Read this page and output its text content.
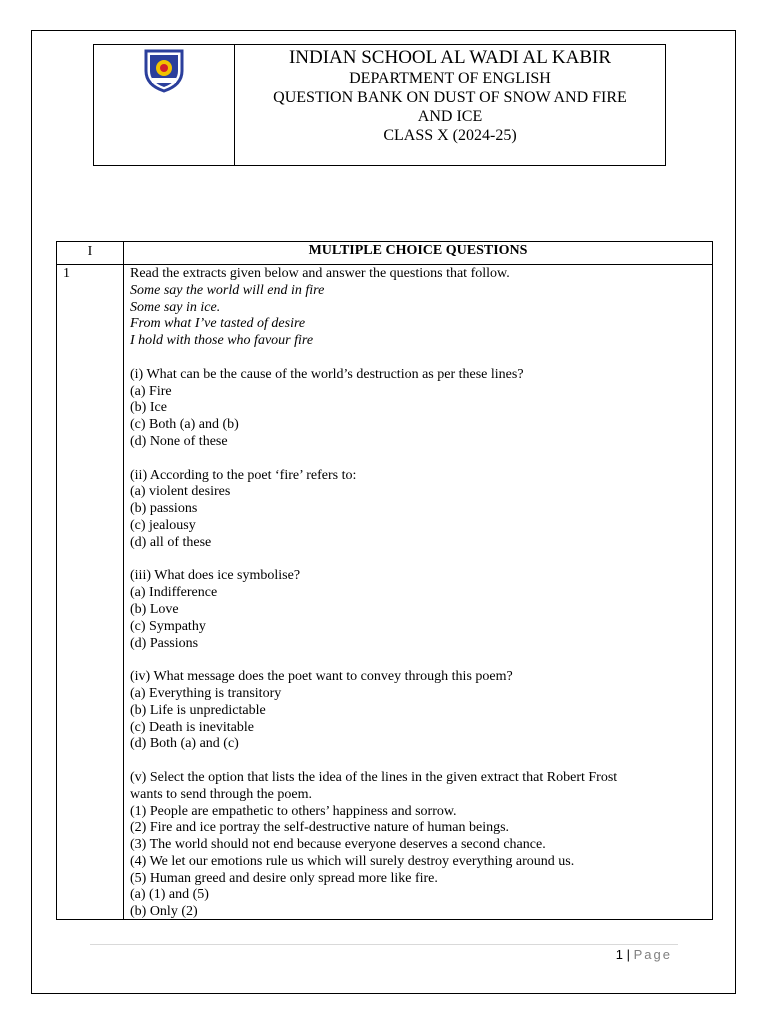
INDIAN SCHOOL AL WADI AL KABIR
DEPARTMENT OF ENGLISH
QUESTION BANK ON DUST OF SNOW AND FIRE
AND ICE
CLASS X (2024-25)
I	MULTIPLE CHOICE QUESTIONS
1	Read the extracts given below and answer the questions that follow.
Some say the world will end in fire
Some say in ice.
From what I’ve tasted of desire
I hold with those who favour fire
(i) What can be the cause of the world’s destruction as per these lines?
(a) Fire
(b) Ice
(c) Both (a) and (b)
(d) None of these
(ii) According to the poet ‘fire’ refers to:
(a) violent desires
(b) passions
(c) jealousy
(d) all of these
(iii) What does ice symbolise?
(a) Indifference
(b) Love
(c) Sympathy
(d) Passions
(iv) What message does the poet want to convey through this poem?
(a) Everything is transitory
(b) Life is unpredictable
(c) Death is inevitable
(d) Both (a) and (c)
(v) Select the option that lists the idea of the lines in the given extract that Robert Frost
wants to send through the poem.
(1) People are empathetic to others’ happiness and sorrow.
(2) Fire and ice portray the self-destructive nature of human beings.
(3) The world should not end because everyone deserves a second chance.
(4) We let our emotions rule us which will surely destroy everything around us.
(5) Human greed and desire only spread more like fire.
(a) (1) and (5)
(b) Only (2)
1 | Page
